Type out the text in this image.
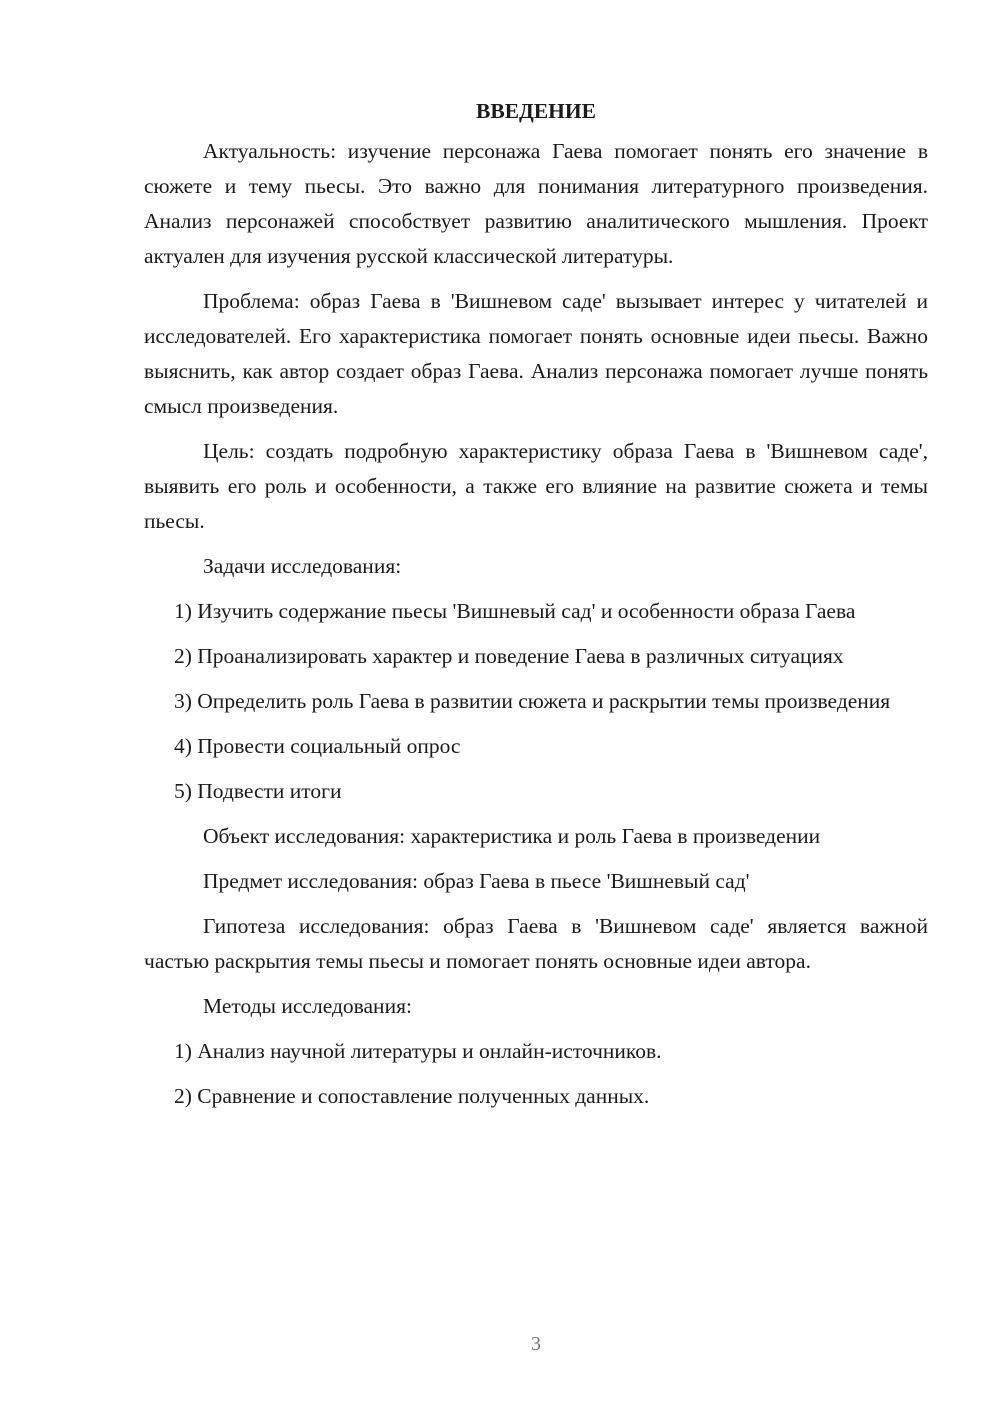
ВВЕДЕНИЕ

Актуальность: изучение персонажа Гаева помогает понять его значение в сюжете и тему пьесы. Это важно для понимания литературного произведения. Анализ персонажей способствует развитию аналитического мышления. Проект актуален для изучения русской классической литературы.

Проблема: образ Гаева в 'Вишневом саде' вызывает интерес у читателей и исследователей. Его характеристика помогает понять основные идеи пьесы. Важно выяснить, как автор создает образ Гаева. Анализ персонажа помогает лучше понять смысл произведения.

Цель: создать подробную характеристику образа Гаева в 'Вишневом саде', выявить его роль и особенности, а также его влияние на развитие сюжета и темы пьесы.

Задачи исследования:

1) Изучить содержание пьесы 'Вишневый сад' и особенности образа Гаева

2) Проанализировать характер и поведение Гаева в различных ситуациях

3) Определить роль Гаева в развитии сюжета и раскрытии темы произведения

4) Провести социальный опрос

5) Подвести итоги

Объект исследования: характеристика и роль Гаева в произведении

Предмет исследования: образ Гаева в пьесе 'Вишневый сад'

Гипотеза исследования: образ Гаева в 'Вишневом саде' является важной частью раскрытия темы пьесы и помогает понять основные идеи автора.

Методы исследования:

1) Анализ научной литературы и онлайн-источников.

2) Сравнение и сопоставление полученных данных.

3
